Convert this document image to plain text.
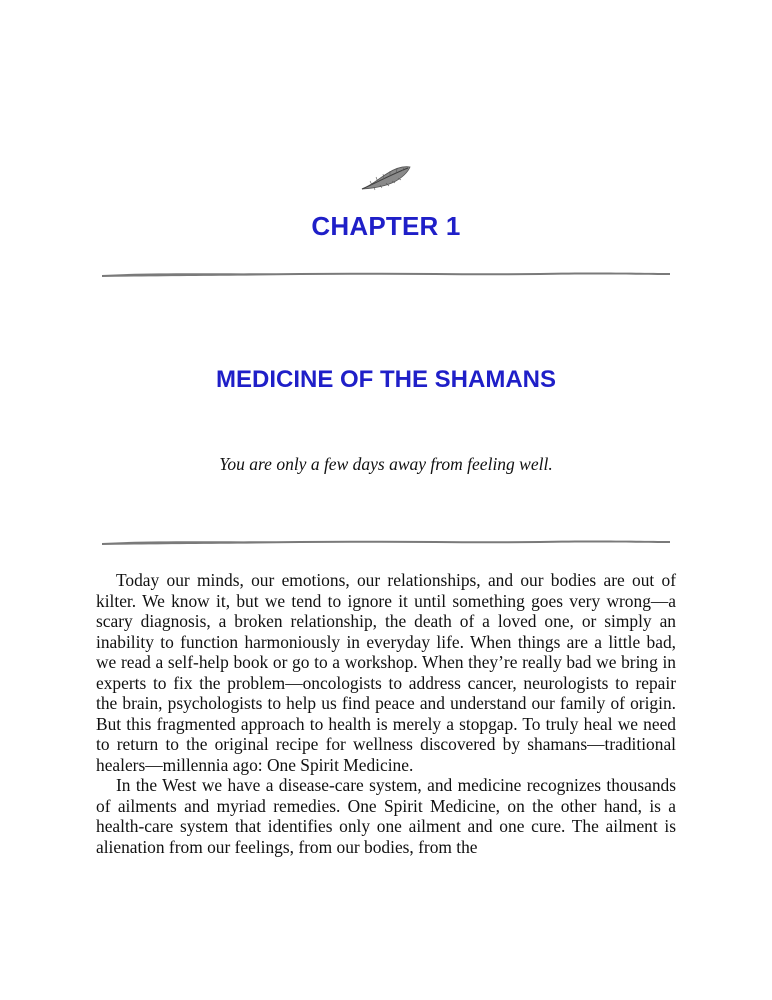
CHAPTER 1
MEDICINE OF THE SHAMANS
You are only a few days away from feeling well.

Today our minds, our emotions, our relationships, and our bodies are out of kilter. We know it, but we tend to ignore it until something goes very wrong—a scary diagnosis, a broken relationship, the death of a loved one, or simply an inability to function harmoniously in everyday life. When things are a little bad, we read a self-help book or go to a workshop. When they’re really bad we bring in experts to fix the problem—oncologists to address cancer, neurologists to repair the brain, psychologists to help us find peace and understand our family of origin. But this fragmented approach to health is merely a stopgap. To truly heal we need to return to the original recipe for wellness discovered by shamans—traditional healers—millennia ago: One Spirit Medicine.

In the West we have a disease-care system, and medicine recognizes thousands of ailments and myriad remedies. One Spirit Medicine, on the other hand, is a health-care system that identifies only one ailment and one cure. The ailment is alienation from our feelings, from our bodies, from the
